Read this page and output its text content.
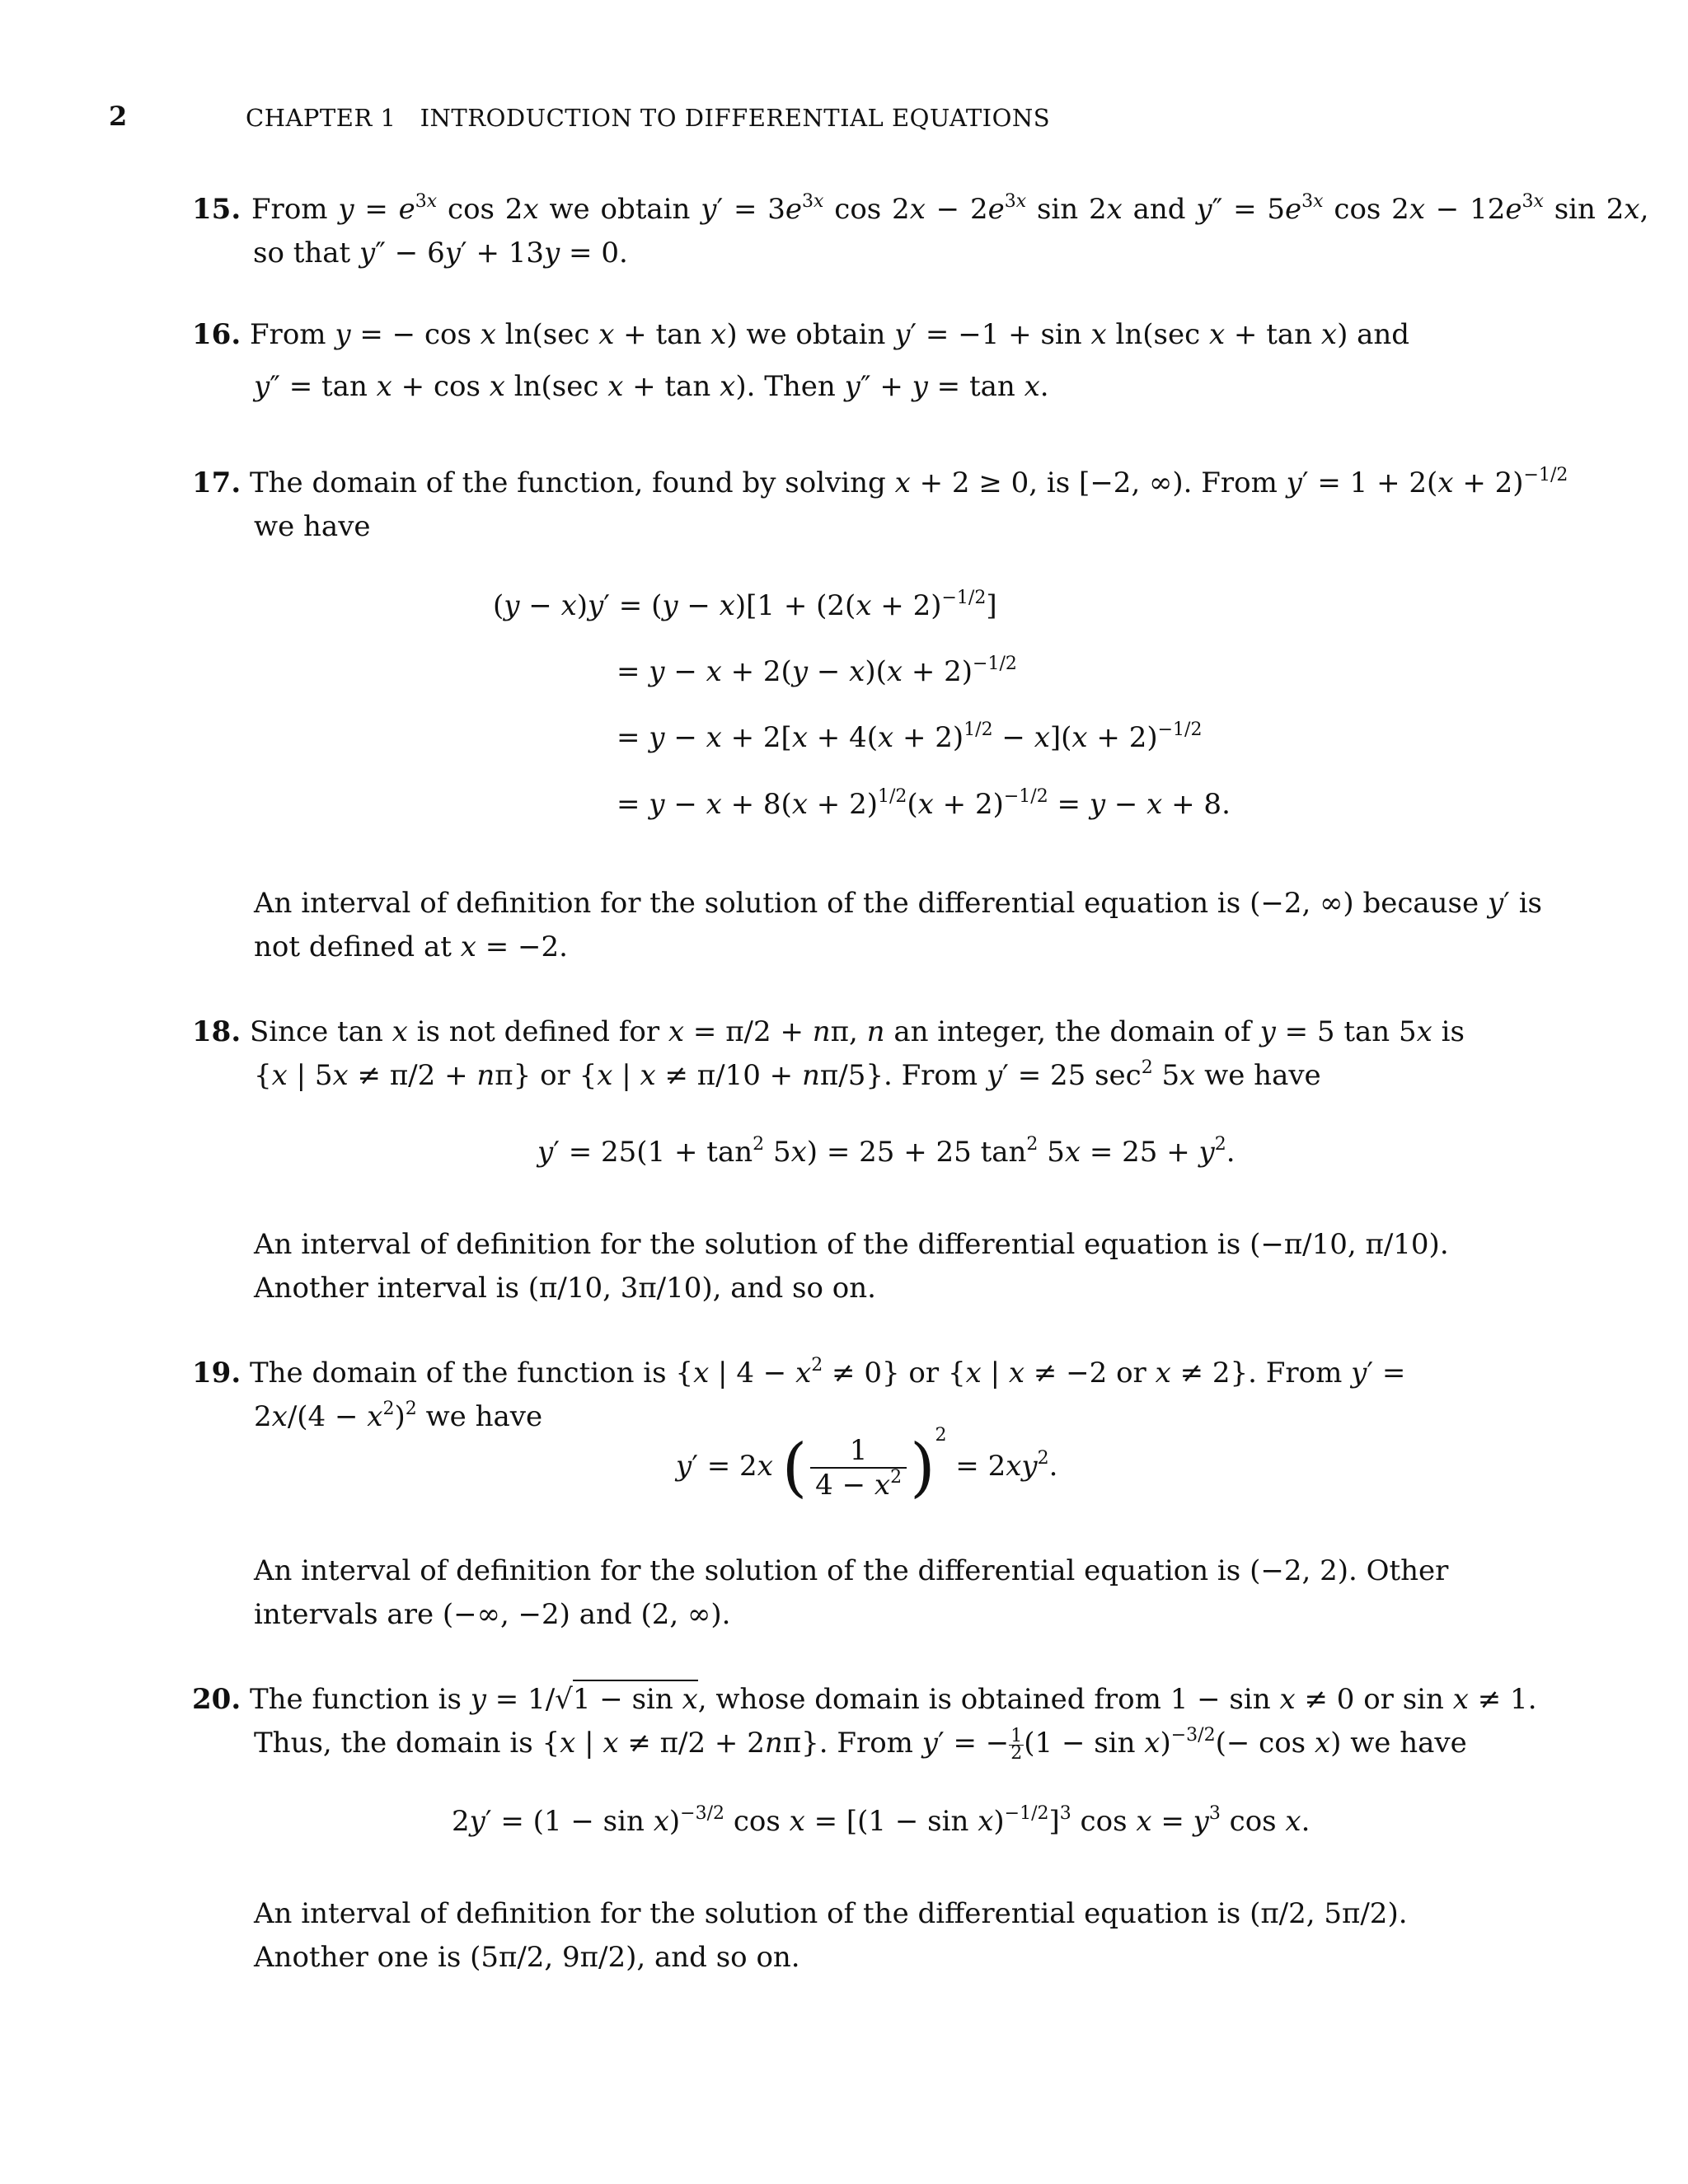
2	CHAPTER 1   INTRODUCTION TO DIFFERENTIAL EQUATIONS
15. From $y = e^{3x}$ cos 2x we obtain $y' = 3e^{3x}$ $\cos 2x - 2e^{3x}$ sin 2x and $y'' = 5e^{3x}$ $\cos 2x - 12e^{3x}$ sin 2x,
so that y″ − 6y′ + 13y = 0.
16. From y = − cos x ln(sec x + tan x) we obtain y′ = −1 + sin x ln(sec x + tan x) and
y″ = tan x + cos x ln(sec x + tan x). Then y″ + y = tan x.
17. The domain of the function, found by solving x + 2 ≥ 0, is [−2, ∞). From $y' = 1 + 2(x + 2)^{-1/2}$
we have
$(y - x)y' = (y - x)[1 + (2(x + 2)^{-1/2}]$
= $y - x + 2(y - x)(x + 2)^{-1/2}$
= $y - x + 2[x + 4(x + 2)^{1/2} - x](x + 2)^{-1/2}$
= $y - x + 8(x + 2)^{1/2}(x + 2)^{-1/2} = y - x + 8$.
An interval of definition for the solution of the differential equation is (−2, ∞) because y′ is
not defined at x = −2.
18. Since tan x is not defined for x = π/2 + nπ, n an integer, the domain of y = 5 tan 5x is
{x | 5x ≠ π/2 + nπ} or {x | x ≠ π/10 + nπ/5}. From y′ = 25 $\sec^2 5x$ we have
$y' = 25(1 + \tan^2 5x) = 25 + 25$ $\tan^2 5x = 25 + y^2$.
An interval of definition for the solution of the differential equation is (−π/10, π/10). Another interval is (π/10, 3π/10), and so on.
19. The domain of the function is {x | $4 - x^2 \ne 0$} or {x | x ≠ −2 or x ≠ 2}. From y′ =
$2x/(4 - x^2)^2$ we have
y′ = 2x ( $\frac{1}{4 - x^2} )^2 = 2xy^2$.
An interval of definition for the solution of the differential equation is (−2, 2). Other intervals are (−∞, −2) and (2, ∞).
20. The function is y = 1/√1 − sin x, whose domain is obtained from 1 − sin x ≠ 0 or sin x ≠ 1.
Thus, the domain is {x | x ≠ π/2 + 2nπ}. From y′ = − $\frac{1}{2} (1 - \sin x)^{-3/2}(- \cos x)$ we have
$2y' = (1 - \sin x)^{-3/2}$ $\cos x = [(1 - \sin x)^{-1/2}]^3$ $\cos x = y^3$ cos x.
An interval of definition for the solution of the differential equation is (π/2, 5π/2). Another one is (5π/2, 9π/2), and so on.
